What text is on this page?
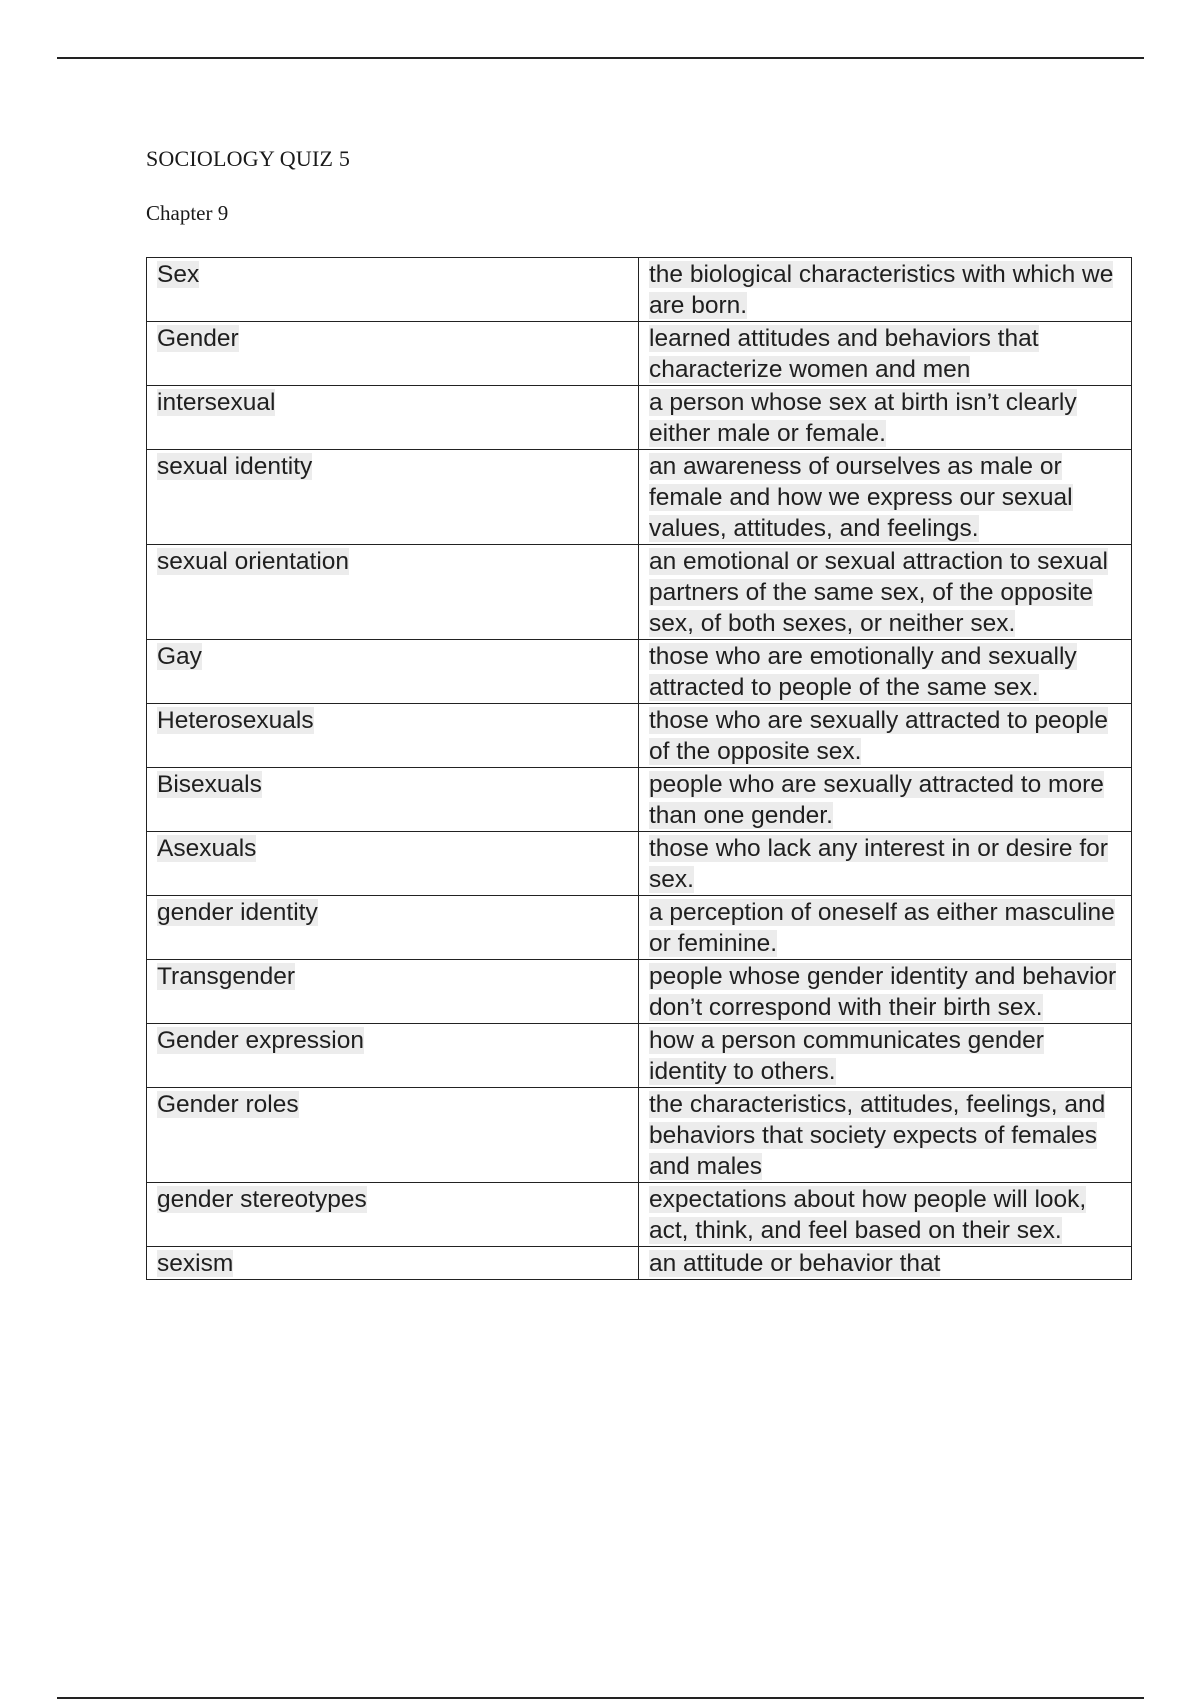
SOCIOLOGY QUIZ 5
Chapter 9
Sex	the biological characteristics with which we are born.
Gender	learned attitudes and behaviors that characterize women and men
intersexual	a person whose sex at birth isn’t clearly either male or female.
sexual identity	an awareness of ourselves as male or female and how we express our sexual values, attitudes, and feelings.
sexual orientation	an emotional or sexual attraction to sexual partners of the same sex, of the opposite sex, of both sexes, or neither sex.
Gay	those who are emotionally and sexually attracted to people of the same sex.
Heterosexuals	those who are sexually attracted to people of the opposite sex.
Bisexuals	people who are sexually attracted to more than one gender.
Asexuals	those who lack any interest in or desire for sex.
gender identity	a perception of oneself as either masculine or feminine.
Transgender	people whose gender identity and behavior don’t correspond with their birth sex.
Gender expression	how a person communicates gender identity to others.
Gender roles	the characteristics, attitudes, feelings, and behaviors that society expects of females and males
gender stereotypes	expectations about how people will look, act, think, and feel based on their sex.
sexism	an attitude or behavior that
